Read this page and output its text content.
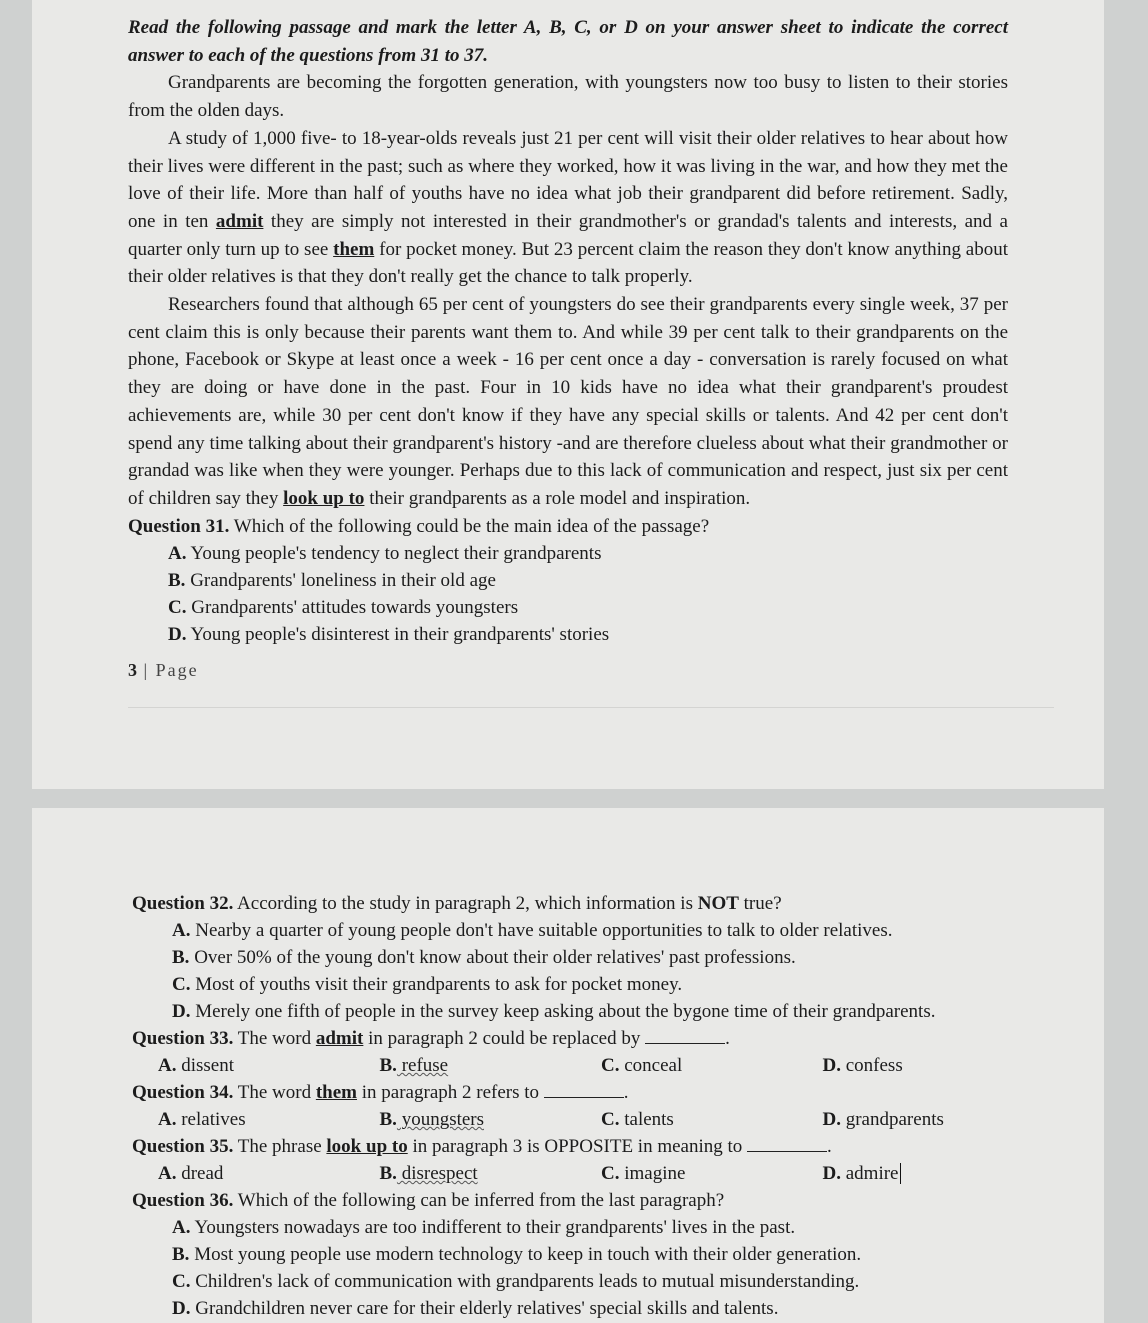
Read the following passage and mark the letter A, B, C, or D on your answer sheet to indicate the correct answer to each of the questions from 31 to 37.

Grandparents are becoming the forgotten generation, with youngsters now too busy to listen to their stories from the olden days.

A study of 1,000 five- to 18-year-olds reveals just 21 per cent will visit their older relatives to hear about how their lives were different in the past; such as where they worked, how it was living in the war, and how they met the love of their life. More than half of youths have no idea what job their grandparent did before retirement. Sadly, one in ten admit they are simply not interested in their grandmother's or grandad's talents and interests, and a quarter only turn up to see them for pocket money. But 23 percent claim the reason they don't know anything about their older relatives is that they don't really get the chance to talk properly.

Researchers found that although 65 per cent of youngsters do see their grandparents every single week, 37 per cent claim this is only because their parents want them to. And while 39 per cent talk to their grandparents on the phone, Facebook or Skype at least once a week - 16 per cent once a day - conversation is rarely focused on what they are doing or have done in the past. Four in 10 kids have no idea what their grandparent's proudest achievements are, while 30 per cent don't know if they have any special skills or talents. And 42 per cent don't spend any time talking about their grandparent's history -and are therefore clueless about what their grandmother or grandad was like when they were younger. Perhaps due to this lack of communication and respect, just six per cent of children say they look up to their grandparents as a role model and inspiration.

Question 31. Which of the following could be the main idea of the passage?

A. Young people's tendency to neglect their grandparents

B. Grandparents' loneliness in their old age

C. Grandparents' attitudes towards youngsters

D. Young people's disinterest in their grandparents' stories

3 | Page

Question 32. According to the study in paragraph 2, which information is NOT true?

A. Nearby a quarter of young people don't have suitable opportunities to talk to older relatives.

B. Over 50% of the young don't know about their older relatives' past professions.

C. Most of youths visit their grandparents to ask for pocket money.

D. Merely one fifth of people in the survey keep asking about the bygone time of their grandparents.

Question 33. The word admit in paragraph 2 could be replaced by	.

A. dissent	B. refuse	C. conceal	D. confess

Question 34. The word them in paragraph 2 refers to	.

A. relatives	B. youngsters	C. talents	D. grandparents

Question 35. The phrase look up to in paragraph 3 is OPPOSITE in meaning to	.

A. dread	B. disrespect	C. imagine	D. admire

Question 36. Which of the following can be inferred from the last paragraph?

A. Youngsters nowadays are too indifferent to their grandparents' lives in the past.

B. Most young people use modern technology to keep in touch with their older generation.

C. Children's lack of communication with grandparents leads to mutual misunderstanding.

D. Grandchildren never care for their elderly relatives' special skills and talents.
